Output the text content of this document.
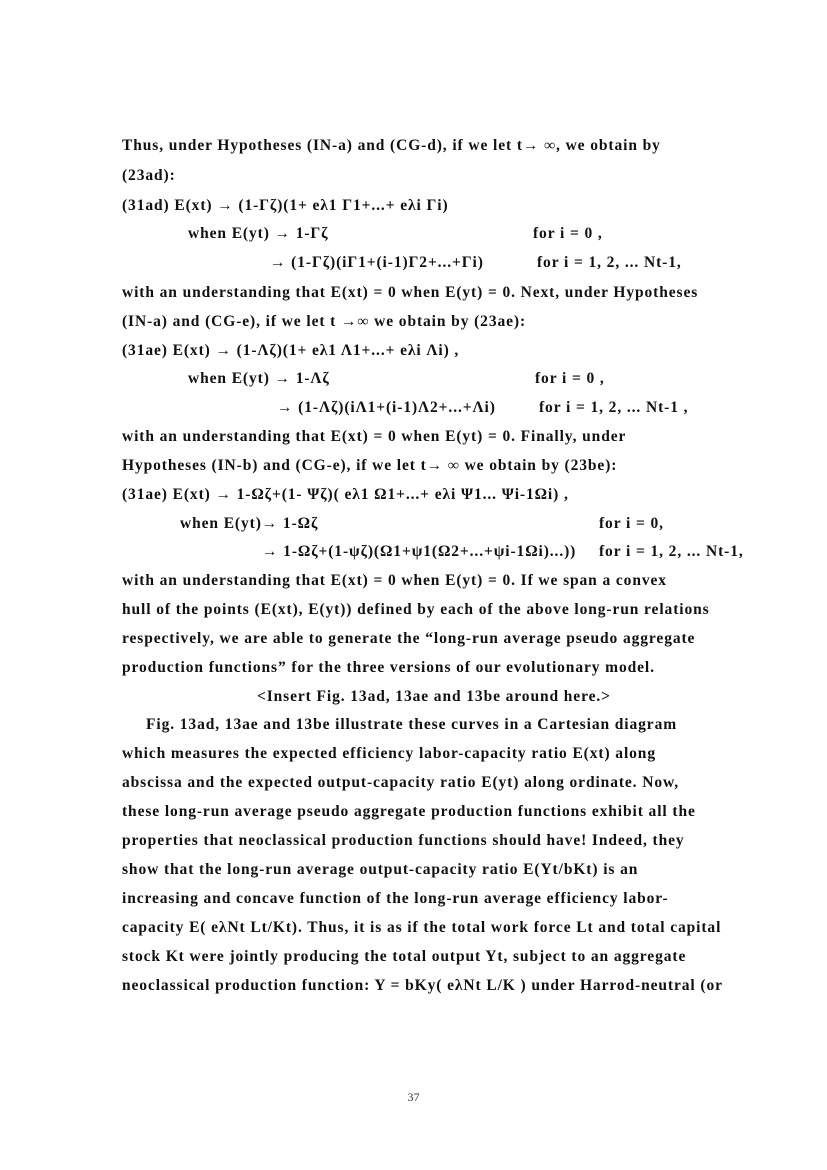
Thus, under Hypotheses (IN-a) and (CG-d), if we let t→ ∞, we obtain by
(23ad):
(31ad) E(xt) → (1-Γζ)(1+ eλ1 Γ1+...+ eλi Γi)
when E(yt) → 1-Γζ	for i = 0 ,
→ (1-Γζ)(iΓ1+(i-1)Γ2+...+Γi)	for i = 1, 2, ... Nt-1,
with an understanding that E(xt) = 0 when E(yt) = 0. Next, under Hypotheses
(IN-a) and (CG-e), if we let t →∞ we obtain by (23ae):
(31ae) E(xt) → (1-Λζ)(1+ eλ1 Λ1+...+ eλi Λi) ,
when E(yt) → 1-Λζ	for i = 0 ,
→ (1-Λζ)(iΛ1+(i-1)Λ2+...+Λi)	for i = 1, 2, ... Nt-1 ,
with an understanding that E(xt) = 0 when E(yt) = 0. Finally, under
Hypotheses (IN-b) and (CG-e), if we let t→ ∞ we obtain by (23be):
(31ae) E(xt) → 1-Ωζ+(1- Ψζ)( eλ1 Ω1+...+ eλi Ψ1... Ψi-1Ωi) ,
when E(yt)→ 1-Ωζ	for i = 0,
→ 1-Ωζ+(1-ψζ)(Ω1+ψ1(Ω2+...+ψi-1Ωi)...)) for i = 1, 2, ... Nt-1,
with an understanding that E(xt) = 0 when E(yt) = 0. If we span a convex
hull of the points (E(xt), E(yt)) defined by each of the above long-run relations
respectively, we are able to generate the “long-run average pseudo aggregate
production functions” for the three versions of our evolutionary model.
<Insert Fig. 13ad, 13ae and 13be around here.>
Fig. 13ad, 13ae and 13be illustrate these curves in a Cartesian diagram
which measures the expected efficiency labor-capacity ratio E(xt) along
abscissa and the expected output-capacity ratio E(yt) along ordinate. Now,
these long-run average pseudo aggregate production functions exhibit all the
properties that neoclassical production functions should have! Indeed, they
show that the long-run average output-capacity ratio E(Yt/bKt) is an
increasing and concave function of the long-run average efficiency labor-
capacity E( eλNt Lt/Kt). Thus, it is as if the total work force Lt and total capital
stock Kt were jointly producing the total output Yt, subject to an aggregate
neoclassical production function: Y = bKy( eλNt L/K ) under Harrod-neutral (or
37
